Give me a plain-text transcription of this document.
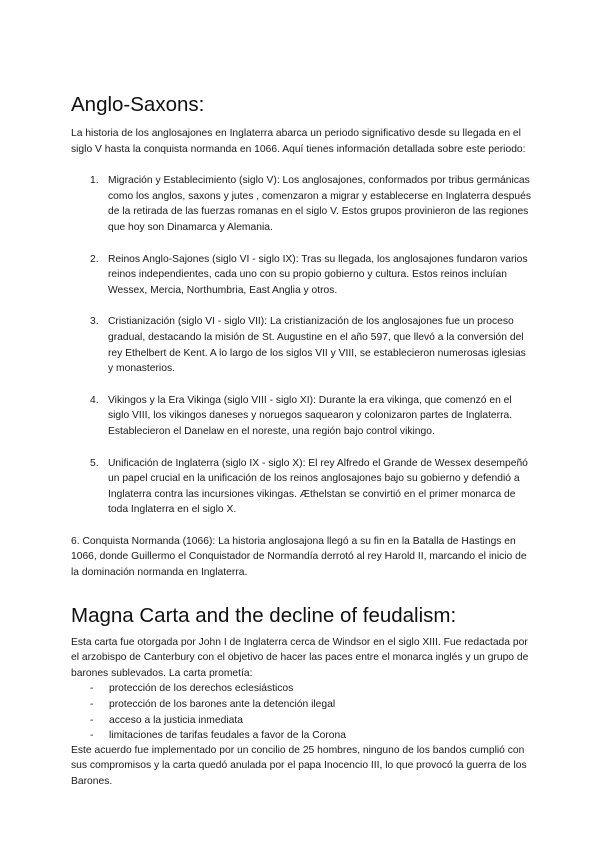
Anglo-Saxons:

La historia de los anglosajones en Inglaterra abarca un periodo significativo desde su llegada en el siglo V hasta la conquista normanda en 1066. Aquí tienes información detallada sobre este periodo:

1. Migración y Establecimiento (siglo V): Los anglosajones, conformados por tribus germánicas como los anglos, saxons y jutes , comenzaron a migrar y establecerse en Inglaterra después de la retirada de las fuerzas romanas en el siglo V. Estos grupos provinieron de las regiones que hoy son Dinamarca y Alemania.
2. Reinos Anglo-Sajones (siglo VI - siglo IX): Tras su llegada, los anglosajones fundaron varios reinos independientes, cada uno con su propio gobierno y cultura. Estos reinos incluían Wessex, Mercia, Northumbria, East Anglia y otros.
3. Cristianización (siglo VI - siglo VII): La cristianización de los anglosajones fue un proceso gradual, destacando la misión de St. Augustine en el año 597, que llevó a la conversión del rey Ethelbert de Kent. A lo largo de los siglos VII y VIII, se establecieron numerosas iglesias y monasterios.
4. Vikingos y la Era Vikinga (siglo VIII - siglo XI): Durante la era vikinga, que comenzó en el siglo VIII, los vikingos daneses y noruegos saquearon y colonizaron partes de Inglaterra. Establecieron el Danelaw en el noreste, una región bajo control vikingo.
5. Unificación de Inglaterra (siglo IX - siglo X): El rey Alfredo el Grande de Wessex desempeñó un papel crucial en la unificación de los reinos anglosajones bajo su gobierno y defendió a Inglaterra contra las incursiones vikingas. Æthelstan se convirtió en el primer monarca de toda Inglaterra en el siglo X.

6. Conquista Normanda (1066): La historia anglosajona llegó a su fin en la Batalla de Hastings en 1066, donde Guillermo el Conquistador de Normandía derrotó al rey Harold II, marcando el inicio de la dominación normanda en Inglaterra.

Magna Carta and the decline of feudalism:

Esta carta fue otorgada por John I de Inglaterra cerca de Windsor en el siglo XIII. Fue redactada por el arzobispo de Canterbury con el objetivo de hacer las paces entre el monarca inglés y un grupo de barones sublevados. La carta prometía:

- protección de los derechos eclesiásticos
- protección de los barones ante la detención ilegal
- acceso a la justicia inmediata
- limitaciones de tarifas feudales a favor de la Corona

Este acuerdo fue implementado por un concilio de 25 hombres, ninguno de los bandos cumplió con sus compromisos y la carta quedó anulada por el papa Inocencio III, lo que provocó la guerra de los Barones.
